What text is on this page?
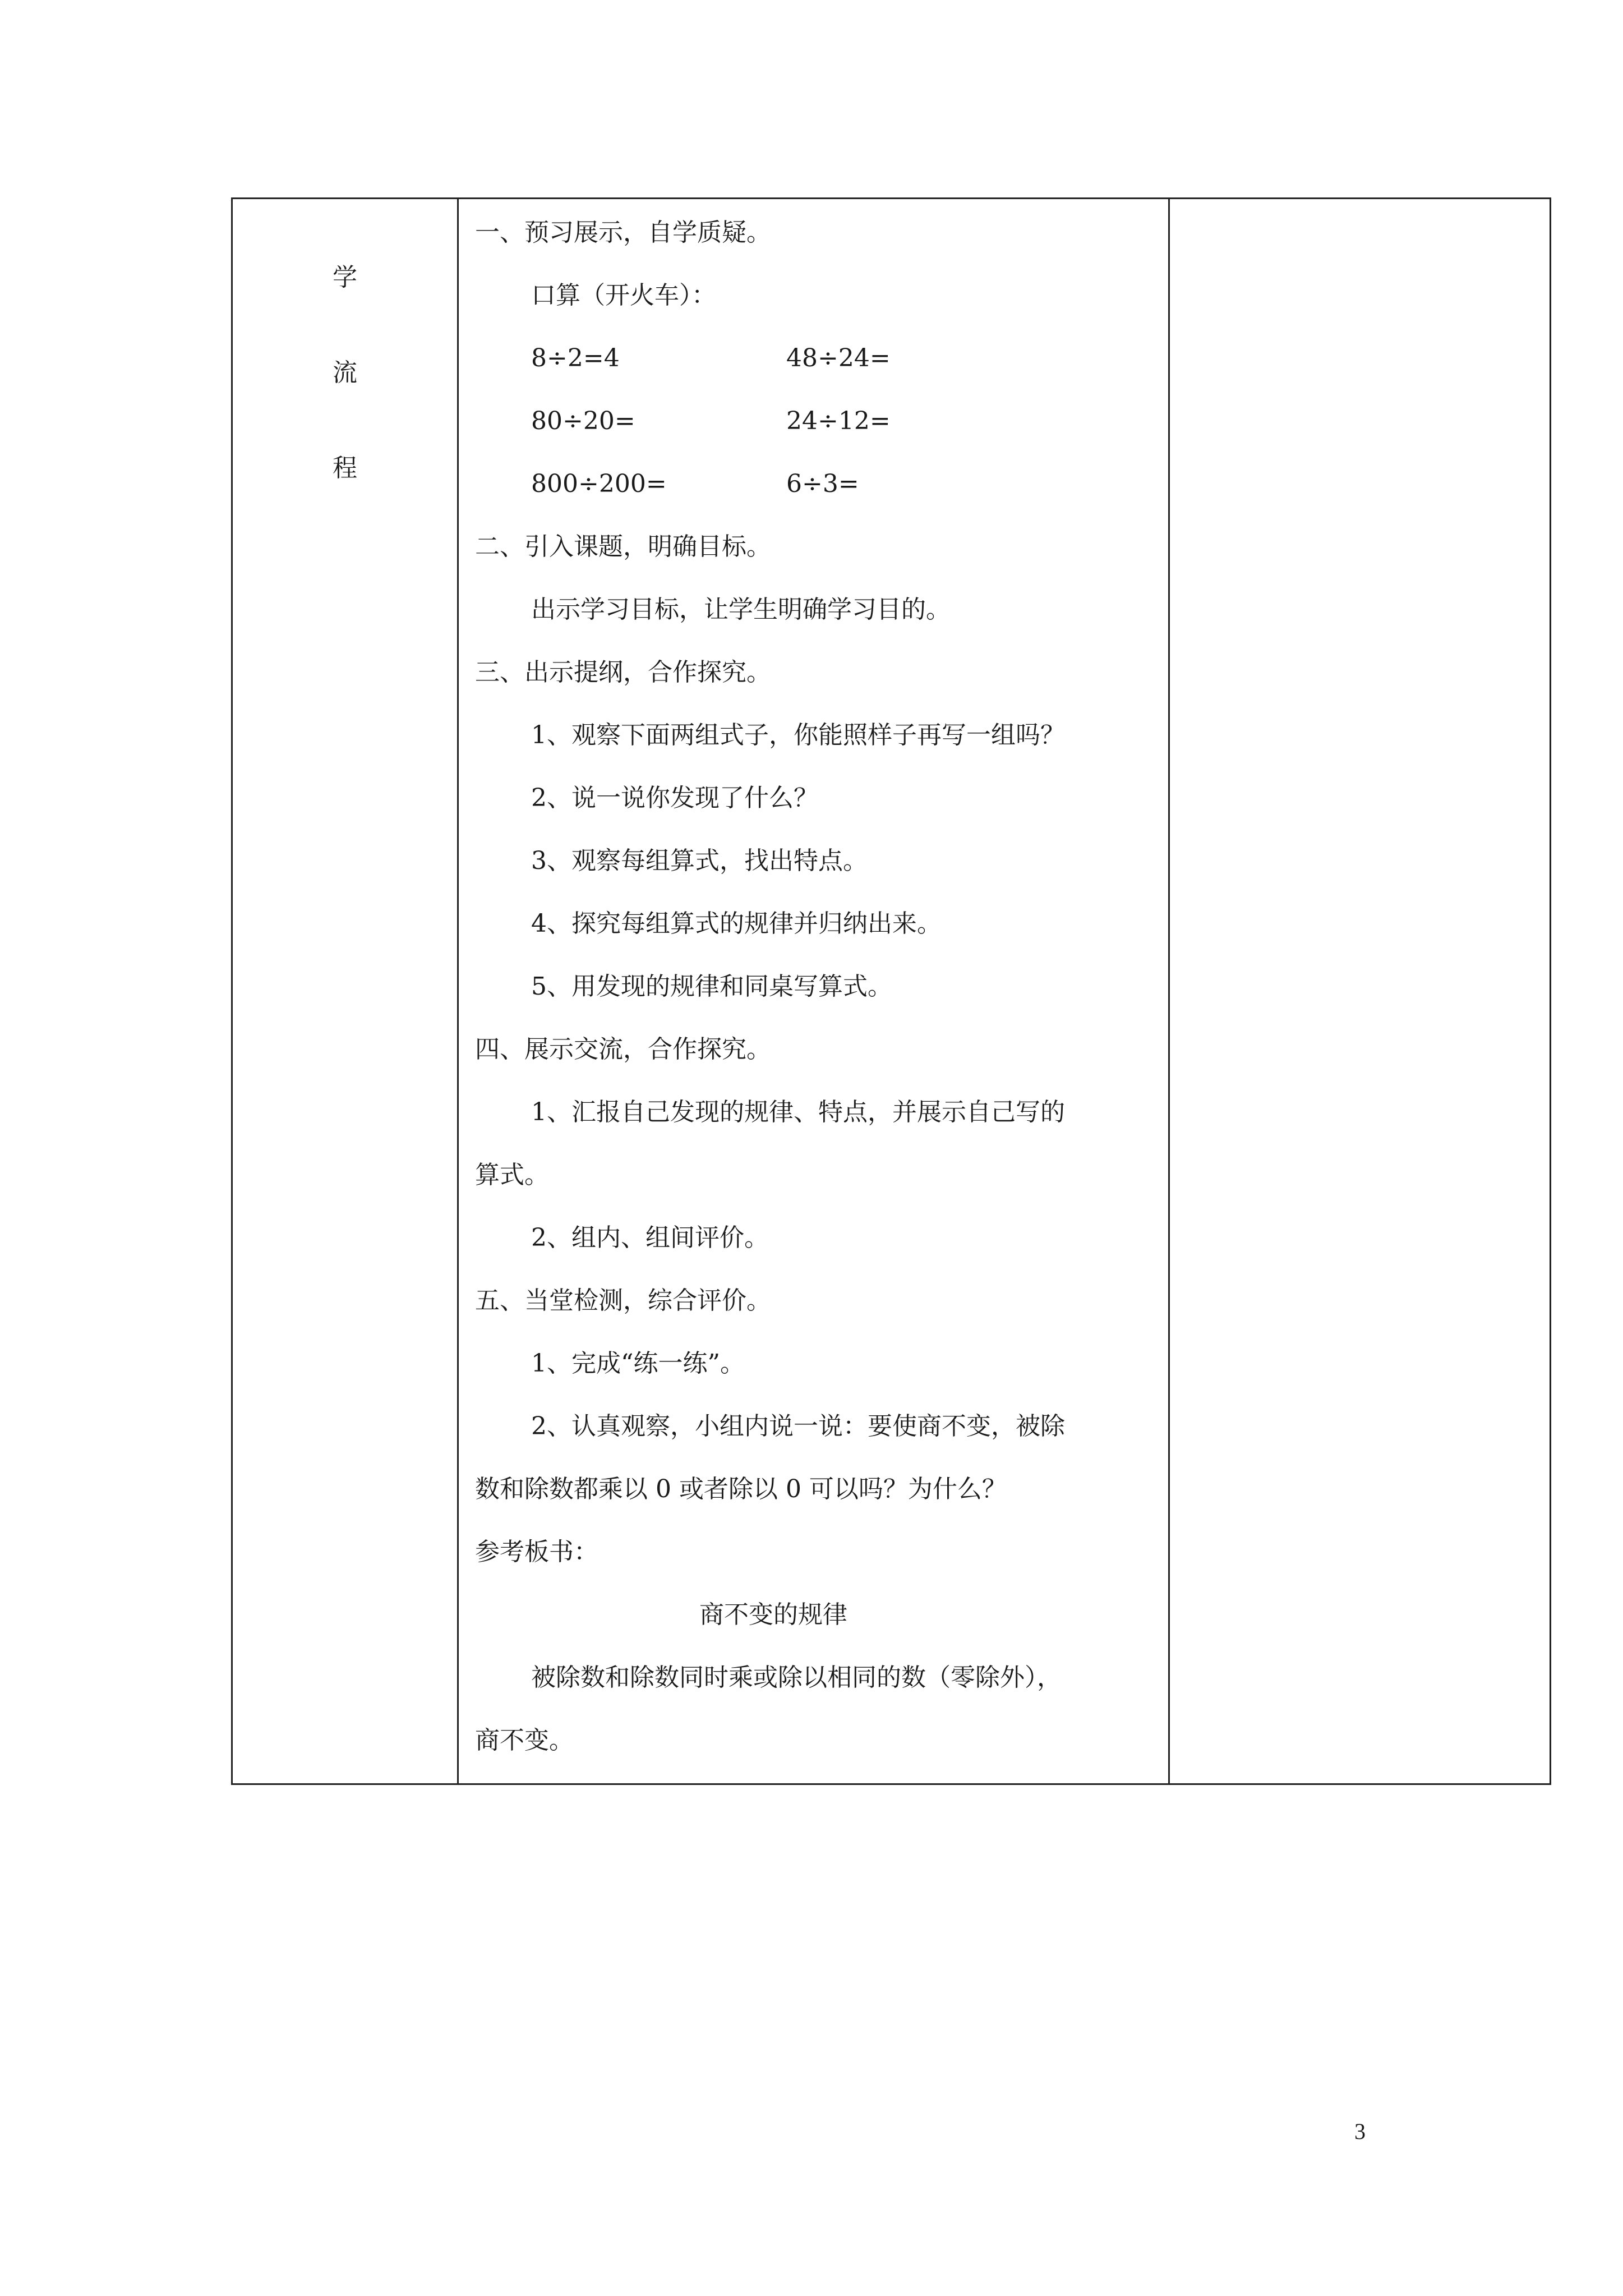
学
流
程
一、预习展示，自学质疑。
口算（开火车）：
8÷2=4	48÷24=
80÷20=	24÷12=
800÷200=	6÷3=
二、引入课题，明确目标。
出示学习目标，让学生明确学习目的。
三、出示提纲，合作探究。
1、观察下面两组式子，你能照样子再写一组吗？
2、说一说你发现了什么？
3、观察每组算式，找出特点。
4、探究每组算式的规律并归纳出来。
5、用发现的规律和同桌写算式。
四、展示交流，合作探究。
1、汇报自己发现的规律、特点，并展示自己写的
算式。
2、组内、组间评价。
五、当堂检测，综合评价。
1、完成“练一练”。
2、认真观察，小组内说一说：要使商不变，被除
数和除数都乘以 0 或者除以 0 可以吗？为什么？
参考板书：
商不变的规律
被除数和除数同时乘或除以相同的数（零除外），
商不变。
3
